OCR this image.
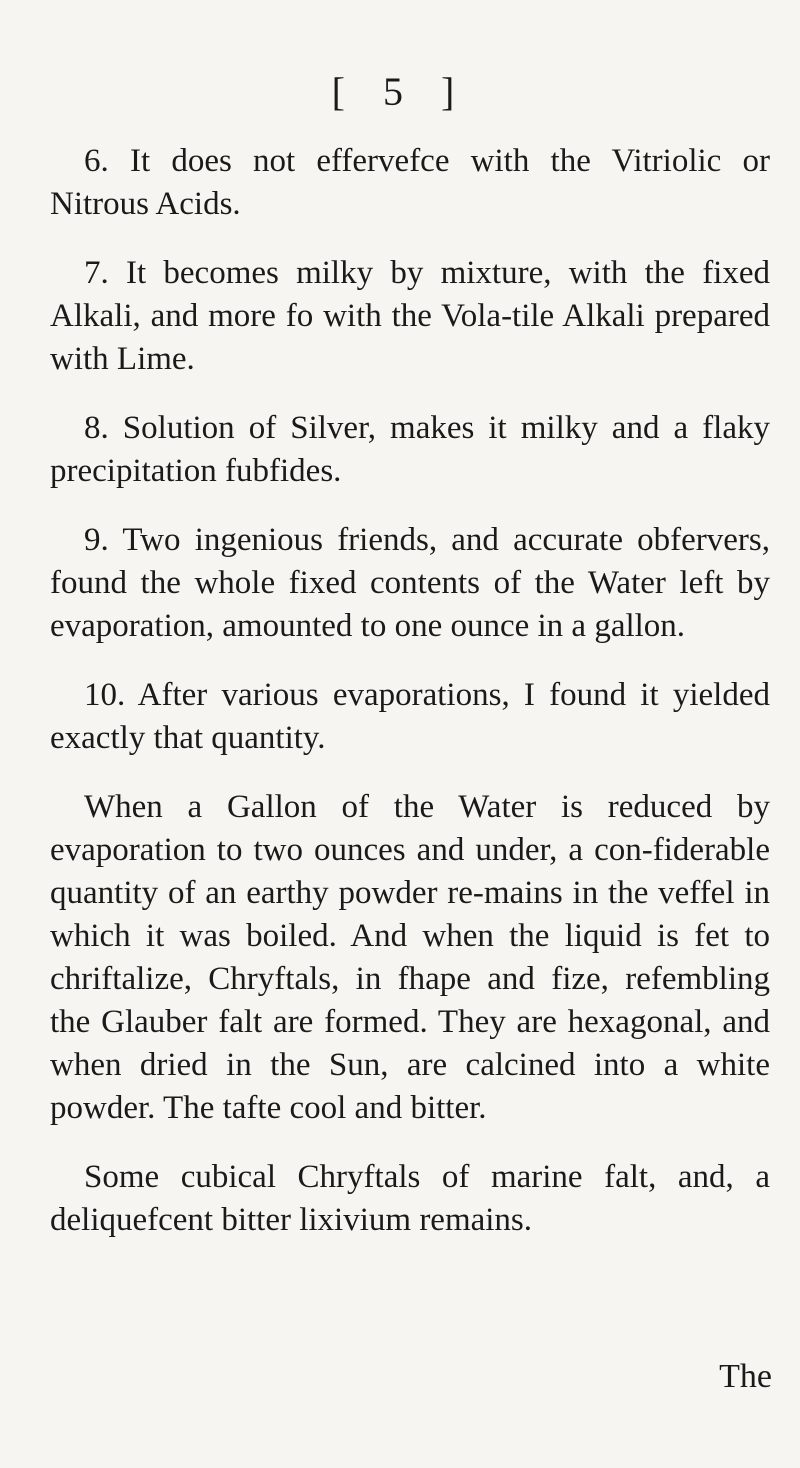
[ 5 ]

6. It does not effervefce with the Vitriolic or Nitrous Acids.

7. It becomes milky by mixture, with the fixed Alkali, and more fo with the Vola-tile Alkali prepared with Lime.

8. Solution of Silver, makes it milky and a flaky precipitation fubfides.

9. Two ingenious friends, and accurate obfervers, found the whole fixed contents of the Water left by evaporation, amounted to one ounce in a gallon.

10. After various evaporations, I found it yielded exactly that quantity.

When a Gallon of the Water is reduced by evaporation to two ounces and under, a con-fiderable quantity of an earthy powder re-mains in the veffel in which it was boiled. And when the liquid is fet to chriftalize, Chryftals, in fhape and fize, refembling the Glauber falt are formed. They are hexagonal, and when dried in the Sun, are calcined into a white powder. The tafte cool and bitter.

Some cubical Chryftals of marine falt, and, a deliquefcent bitter lixivium remains.

The
